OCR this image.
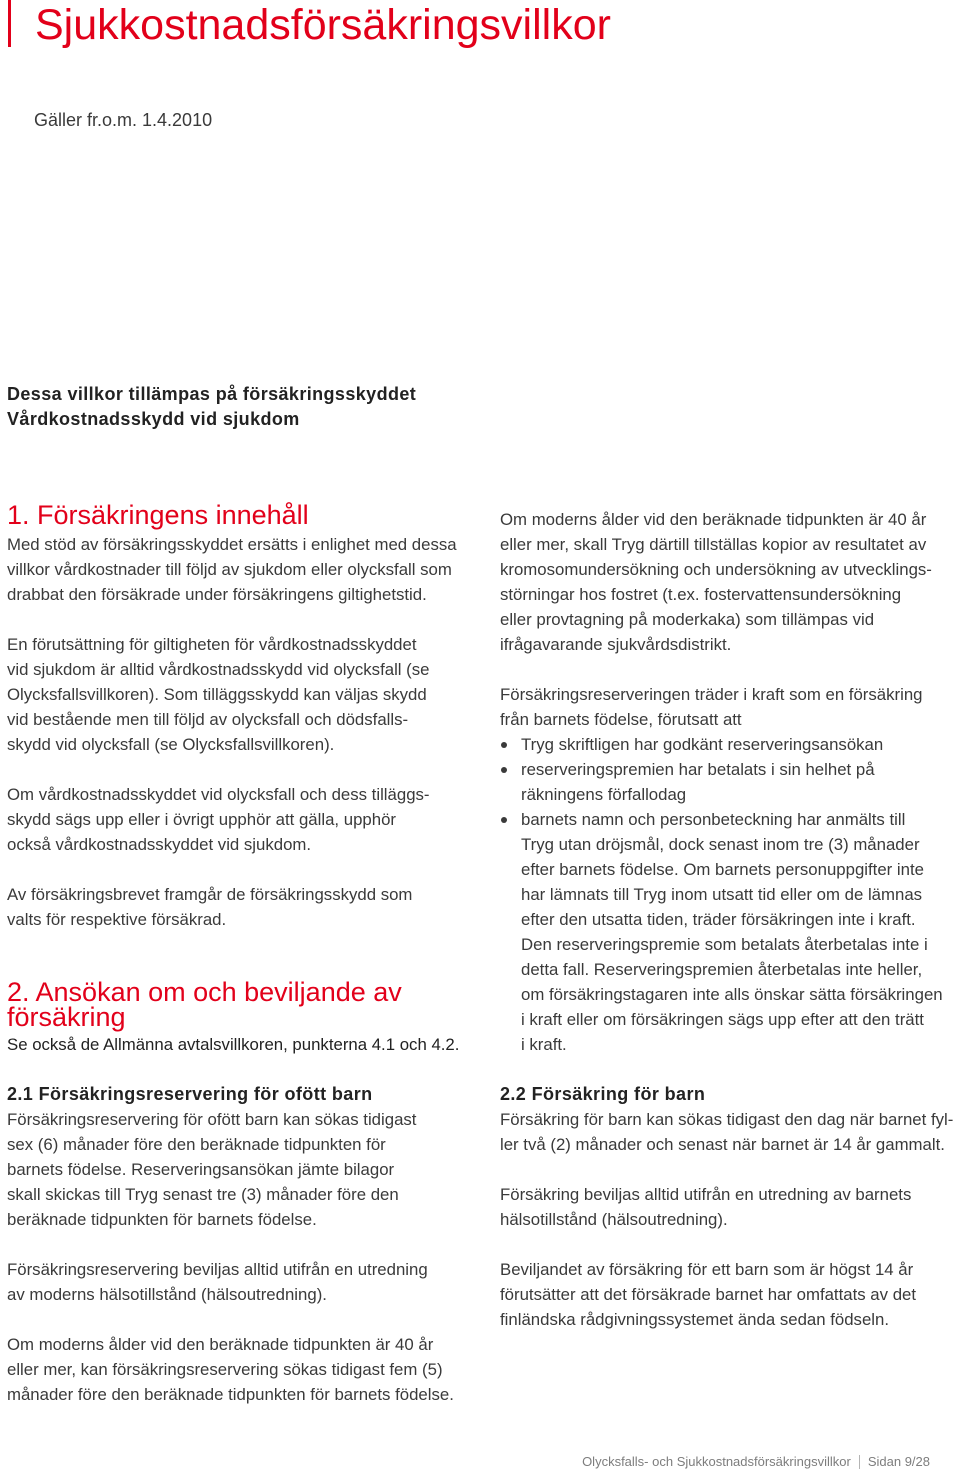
Sjukkostnadsförsäkringsvillkor
Gäller fr.o.m. 1.4.2010
Dessa villkor tillämpas på försäkringsskyddet
Vårdkostnadsskydd vid sjukdom
1. Försäkringens innehåll
Med stöd av försäkringsskyddet ersätts i enlighet med dessa
villkor vårdkostnader till följd av sjukdom eller olycksfall som
drabbat den försäkrade under försäkringens giltighetstid.
En förutsättning för giltigheten för vårdkostnadsskyddet
vid sjukdom är alltid vårdkostnadsskydd vid olycksfall (se
Olycksfallsvillkoren). Som tilläggsskydd kan väljas skydd
vid bestående men till följd av olycksfall och dödsfalls-
skydd vid olycksfall (se Olycksfallsvillkoren).
Om vårdkostnadsskyddet vid olycksfall och dess tilläggs-
skydd sägs upp eller i övrigt upphör att gälla, upphör
också vårdkostnadsskyddet vid sjukdom.
Av försäkringsbrevet framgår de försäkringsskydd som
valts för respektive försäkrad.
2. Ansökan om och beviljande av
försäkring
Se också de Allmänna avtalsvillkoren, punkterna 4.1 och 4.2.
2.1 Försäkringsreservering för ofött barn
Försäkringsreservering för ofött barn kan sökas tidigast
sex (6) månader före den beräknade tidpunkten för
barnets födelse. Reserveringsansökan jämte bilagor
skall skickas till Tryg senast tre (3) månader före den
beräknade tidpunkten för barnets födelse.
Försäkringsreservering beviljas alltid utifrån en utredning
av moderns hälsotillstånd (hälsoutredning).
Om moderns ålder vid den beräknade tidpunkten är 40 år
eller mer, kan försäkringsreservering sökas tidigast fem (5)
månader före den beräknade tidpunkten för barnets födelse.
Om moderns ålder vid den beräknade tidpunkten är 40 år
eller mer, skall Tryg därtill tillställas kopior av resultatet av
kromosomundersökning och undersökning av utvecklings-
störningar hos fostret (t.ex. fostervattensundersökning
eller provtagning på moderkaka) som tillämpas vid
ifrågavarande sjukvårdsdistrikt.
Försäkringsreserveringen träder i kraft som en försäkring
från barnets födelse, förutsatt att
Tryg skriftligen har godkänt reserveringsansökan
reserveringspremien har betalats i sin helhet på
räkningens förfallodag
barnets namn och personbeteckning har anmälts till
Tryg utan dröjsmål, dock senast inom tre (3) månader
efter barnets födelse. Om barnets personuppgifter inte
har lämnats till Tryg inom utsatt tid eller om de lämnas
efter den utsatta tiden, träder försäkringen inte i kraft.
Den reserveringspremie som betalats återbetalas inte i
detta fall. Reserveringspremien återbetalas inte heller,
om försäkringstagaren inte alls önskar sätta försäkringen
i kraft eller om försäkringen sägs upp efter att den trätt
i kraft.
2.2 Försäkring för barn
Försäkring för barn kan sökas tidigast den dag när barnet fyl-
ler två (2) månader och senast när barnet är 14 år gammalt.
Försäkring beviljas alltid utifrån en utredning av barnets
hälsotillstånd (hälsoutredning).
Beviljandet av försäkring för ett barn som är högst 14 år
förutsätter att det försäkrade barnet har omfattats av det
finländska rådgivningssystemet ända sedan födseln.
Olycksfalls- och Sjukkostnadsförsäkringsvillkor Sidan 9/28
